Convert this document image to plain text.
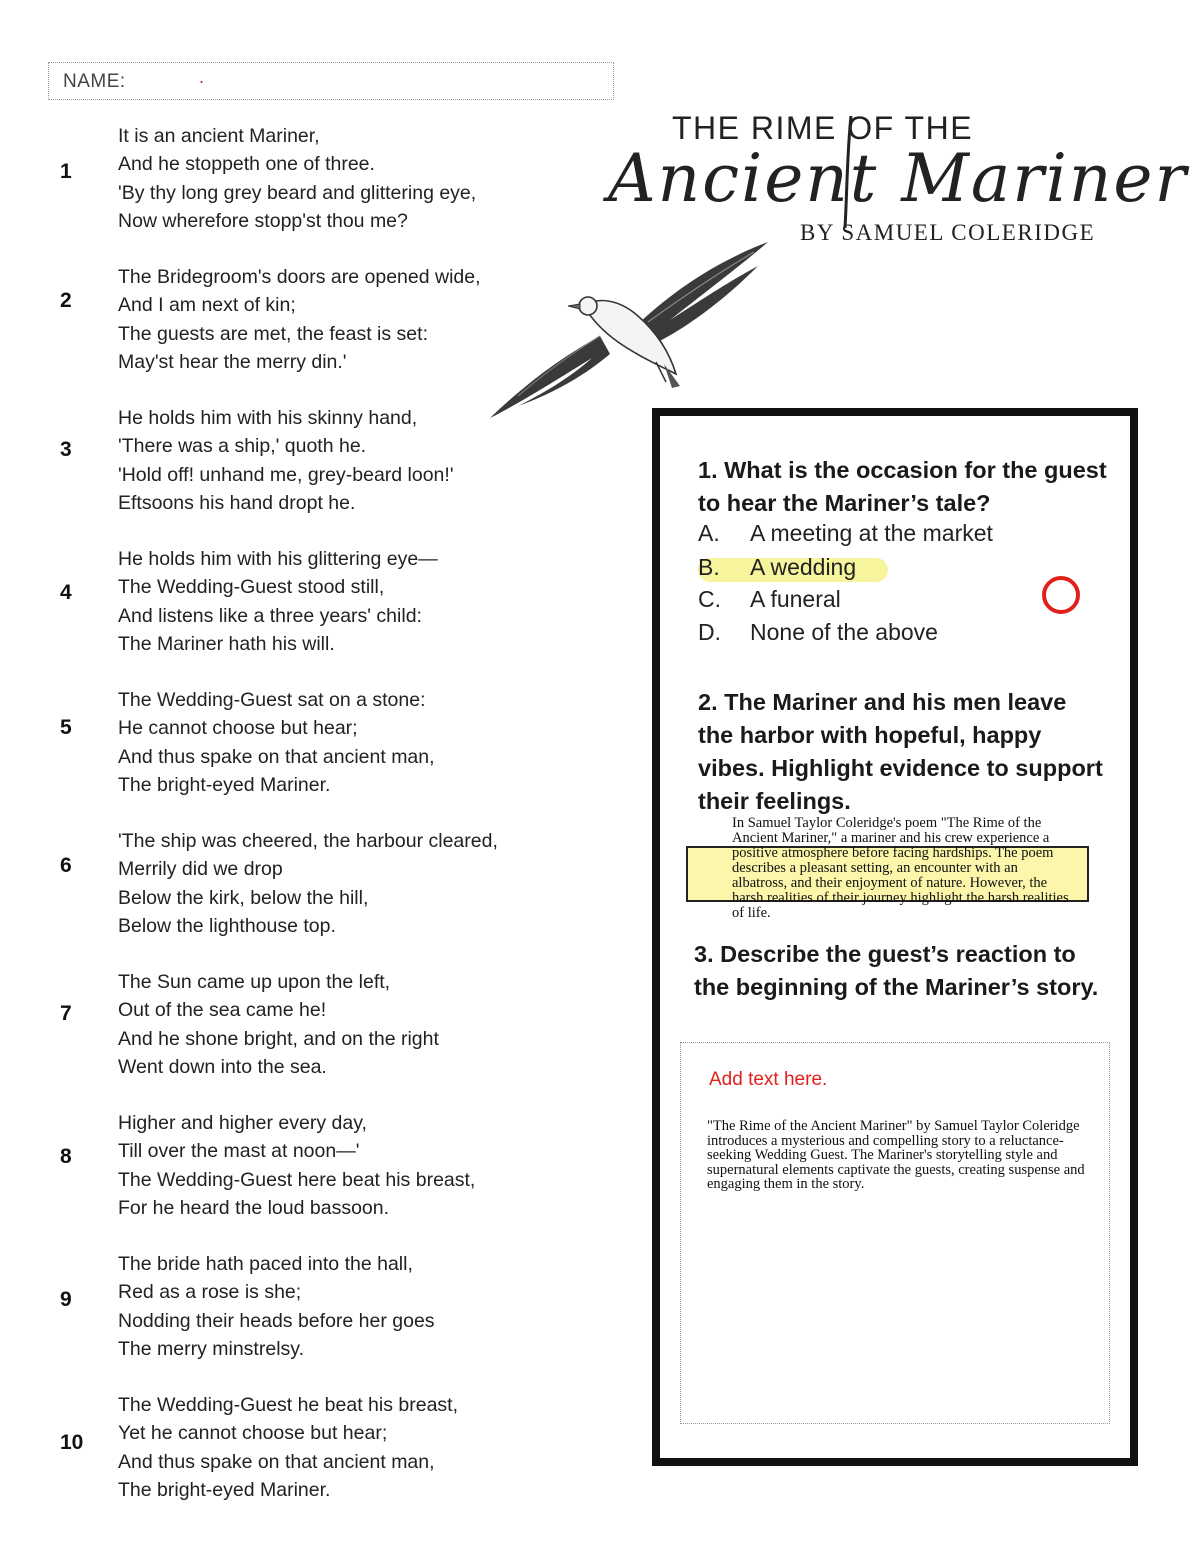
NAME:	.
1
It is an ancient Mariner,
And he stoppeth one of three.
'By thy long grey beard and glittering eye,
Now wherefore stopp'st thou me?
2
The Bridegroom's doors are opened wide,
And I am next of kin;
The guests are met, the feast is set:
May'st hear the merry din.'
3
He holds him with his skinny hand,
'There was a ship,' quoth he.
'Hold off! unhand me, grey-beard loon!'
Eftsoons his hand dropt he.
4
He holds him with his glittering eye—
The Wedding-Guest stood still,
And listens like a three years' child:
The Mariner hath his will.
5
The Wedding-Guest sat on a stone:
He cannot choose but hear;
And thus spake on that ancient man,
The bright-eyed Mariner.
6
'The ship was cheered, the harbour cleared,
Merrily did we drop
Below the kirk, below the hill,
Below the lighthouse top.
7
The Sun came up upon the left,
Out of the sea came he!
And he shone bright, and on the right
Went down into the sea.
8
Higher and higher every day,
Till over the mast at noon—'
The Wedding-Guest here beat his breast,
For he heard the loud bassoon.
9
The bride hath paced into the hall,
Red as a rose is she;
Nodding their heads before her goes
The merry minstrelsy.
10
The Wedding-Guest he beat his breast,
Yet he cannot choose but hear;
And thus spake on that ancient man,
The bright-eyed Mariner.
THE RIME OF THE
Ancient Mariner
BY SAMUEL COLERIDGE
1. What is the occasion for the guest to hear the Mariner’s tale?
A. A meeting at the market
B. A wedding
C. A funeral
D. None of the above
2. The Mariner and his men leave the harbor with hopeful, happy vibes. Highlight evidence to support their feelings.
In Samuel Taylor Coleridge's poem "The Rime of the Ancient Mariner," a mariner and his crew experience a positive atmosphere before facing hardships. The poem describes a pleasant setting, an encounter with an albatross, and their enjoyment of nature. However, the harsh realities of their journey highlight the harsh realities of life.
3. Describe the guest’s reaction to the beginning of the Mariner’s story.
Add text here.
"The Rime of the Ancient Mariner" by Samuel Taylor Coleridge introduces a mysterious and compelling story to a reluctance- seeking Wedding Guest. The Mariner's storytelling style and supernatural elements captivate the guests, creating suspense and engaging them in the story.
